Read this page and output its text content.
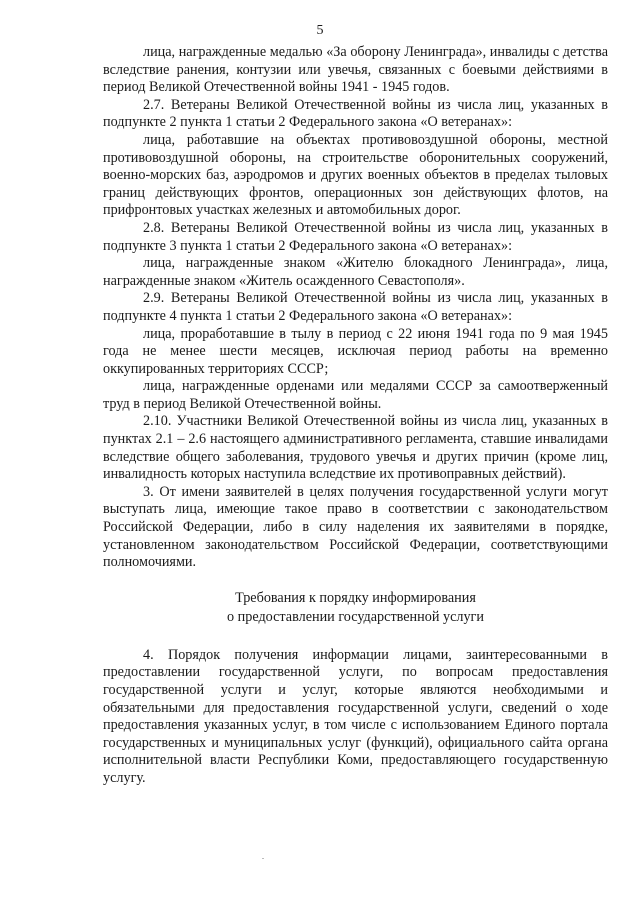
5

лица, награжденные медалью «За оборону Ленинграда», инвалиды с детства вследствие ранения, контузии или увечья, связанных с боевыми действиями в период Великой Отечественной войны 1941 - 1945 годов.

2.7. Ветераны Великой Отечественной войны из числа лиц, указанных в подпункте 2 пункта 1 статьи 2 Федерального закона «О ветеранах»:

лица, работавшие на объектах противовоздушной обороны, местной противовоздушной обороны, на строительстве оборонительных сооружений, военно-морских баз, аэродромов и других военных объектов в пределах тыловых границ действующих фронтов, операционных зон действующих флотов, на прифронтовых участках железных и автомобильных дорог.

2.8. Ветераны Великой Отечественной войны из числа лиц, указанных в подпункте 3 пункта 1 статьи 2 Федерального закона «О ветеранах»:

лица, награжденные знаком «Жителю блокадного Ленинграда», лица, награжденные знаком «Житель осажденного Севастополя».

2.9. Ветераны Великой Отечественной войны из числа лиц, указанных в подпункте 4 пункта 1 статьи 2 Федерального закона «О ветеранах»:

лица, проработавшие в тылу в период с 22 июня 1941 года по 9 мая 1945 года не менее шести месяцев, исключая период работы на временно оккупированных территориях СССР;

лица, награжденные орденами или медалями СССР за самоотверженный труд в период Великой Отечественной войны.

2.10. Участники Великой Отечественной войны из числа лиц, указанных в пунктах 2.1 – 2.6 настоящего административного регламента, ставшие инвалидами вследствие общего заболевания, трудового увечья и других причин (кроме лиц, инвалидность которых наступила вследствие их противоправных действий).

3. От имени заявителей в целях получения государственной услуги могут выступать лица, имеющие такое право в соответствии с законодательством Российской Федерации, либо в силу наделения их заявителями в порядке, установленном законодательством Российской Федерации, соответствующими полномочиями.

Требования к порядку информирования

о предоставлении государственной услуги

4. Порядок получения информации лицами, заинтересованными в предоставлении государственной услуги, по вопросам предоставления государственной услуги и услуг, которые являются необходимыми и обязательными для предоставления государственной услуги, сведений о ходе предоставления указанных услуг, в том числе с использованием Единого портала государственных и муниципальных услуг (функций), официального сайта органа исполнительной власти Республики Коми, предоставляющего государственную услугу.
